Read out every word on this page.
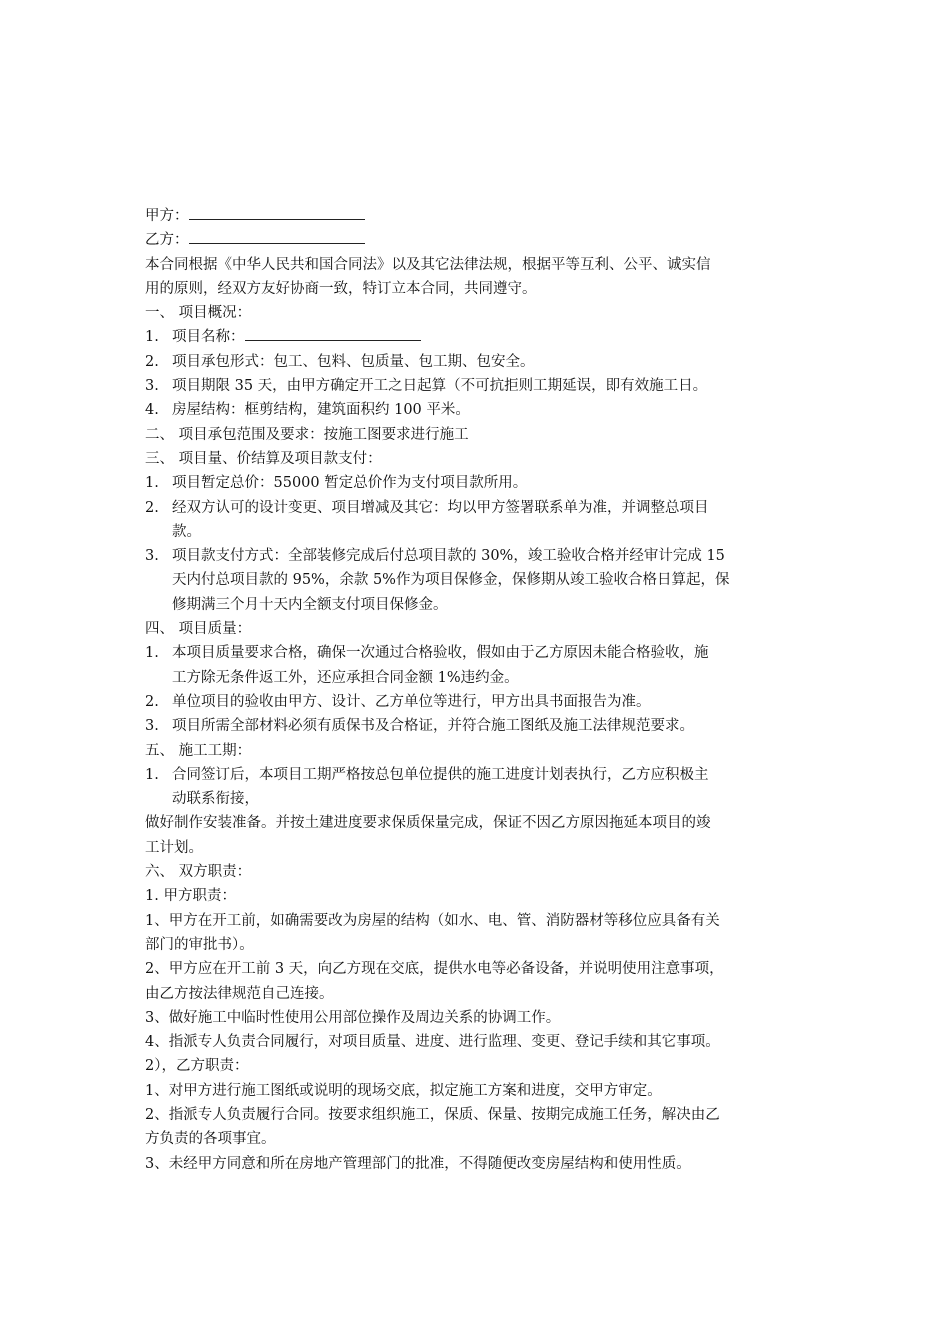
甲方：
乙方：
本合同根据《中华人民共和国合同法》以及其它法律法规，根据平等互利、公平、诚实信
用的原则，经双方友好协商一致，特订立本合同，共同遵守。
一、 项目概况：
1. 项目名称：
2. 项目承包形式：包工、包料、包质量、包工期、包安全。
3. 项目期限 35 天，由甲方确定开工之日起算（不可抗拒则工期延误，即有效施工日。
4. 房屋结构：框剪结构，建筑面积约 100 平米。
二、 项目承包范围及要求：按施工图要求进行施工
三、 项目量、价结算及项目款支付：
1. 项目暂定总价：55000 暂定总价作为支付项目款所用。
2. 经双方认可的设计变更、项目增减及其它：均以甲方签署联系单为准，并调整总项目
款。
3. 项目款支付方式：全部装修完成后付总项目款的 30%，竣工验收合格并经审计完成 15
天内付总项目款的 95%，余款 5%作为项目保修金，保修期从竣工验收合格日算起，保
修期满三个月十天内全额支付项目保修金。
四、 项目质量：
1. 本项目质量要求合格，确保一次通过合格验收，假如由于乙方原因未能合格验收，施
工方除无条件返工外，还应承担合同金额 1%违约金。
2. 单位项目的验收由甲方、设计、乙方单位等进行，甲方出具书面报告为准。
3. 项目所需全部材料必须有质保书及合格证，并符合施工图纸及施工法律规范要求。
五、 施工工期：
1. 合同签订后，本项目工期严格按总包单位提供的施工进度计划表执行，乙方应积极主
动联系衔接，
做好制作安装准备。并按土建进度要求保质保量完成，保证不因乙方原因拖延本项目的竣
工计划。
六、 双方职责：
1. 甲方职责：
1、甲方在开工前，如确需要改为房屋的结构（如水、电、管、消防器材等移位应具备有关
部门的审批书）。
2、甲方应在开工前 3 天，向乙方现在交底，提供水电等必备设备，并说明使用注意事项，
由乙方按法律规范自己连接。
3、做好施工中临时性使用公用部位操作及周边关系的协调工作。
4、指派专人负责合同履行，对项目质量、进度、进行监理、变更、登记手续和其它事项。
2），乙方职责：
1、对甲方进行施工图纸或说明的现场交底，拟定施工方案和进度，交甲方审定。
2、指派专人负责履行合同。按要求组织施工，保质、保量、按期完成施工任务，解决由乙
方负责的各项事宜。
3、未经甲方同意和所在房地产管理部门的批准，不得随便改变房屋结构和使用性质。
